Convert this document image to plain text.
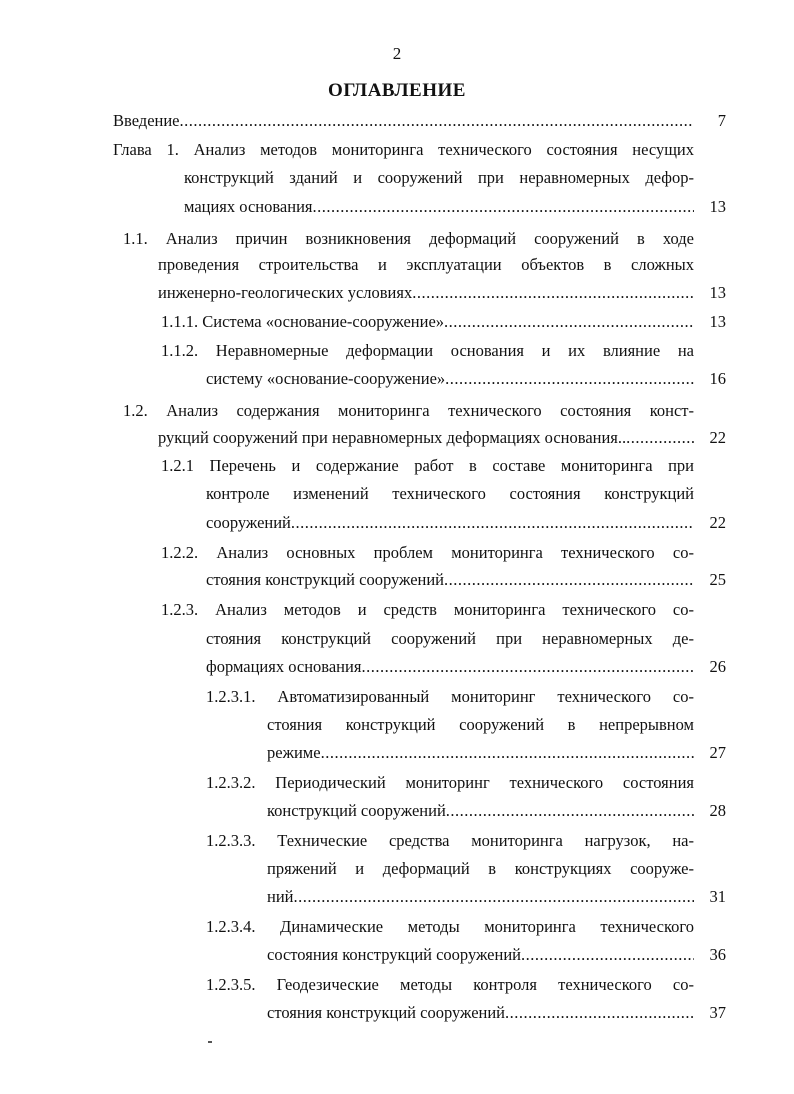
2
ОГЛАВЛЕНИЕ
Введение .....	7
Глава 1. Анализ методов мониторинга технического состояния несущих
конструкций зданий и сооружений при неравномерных дефор-
мациях основания .....	13
1.1. Анализ причин возникновения деформаций сооружений в ходе
проведения строительства и эксплуатации объектов в сложных
инженерно-геологических условиях .....	13
1.1.1. Система «основание-сооружение» .....	13
1.1.2. Неравномерные деформации основания и их влияние на
систему «основание-сооружение» .....	16
1.2. Анализ содержания мониторинга технического состояния конст-
рукций сооружений при неравномерных деформациях основания.. .....	22
1.2.1 Перечень и содержание работ в составе мониторинга при
контроле изменений технического состояния конструкций
сооружений .....	22
1.2.2. Анализ основных проблем мониторинга технического со-
стояния конструкций сооружений .....	25
1.2.3. Анализ методов и средств мониторинга технического со-
стояния конструкций сооружений при неравномерных де-
формациях основания .....	26
1.2.3.1. Автоматизированный мониторинг технического со-
стояния конструкций сооружений в непрерывном
режиме .....	27
1.2.3.2. Периодический мониторинг технического состояния
конструкций сооружений .....	28
1.2.3.3. Технические средства мониторинга нагрузок, на-
пряжений и деформаций в конструкциях сооруже-
ний .....	31
1.2.3.4. Динамические методы мониторинга технического
состояния конструкций сооружений .....	36
1.2.3.5. Геодезические методы контроля технического со-
стояния конструкций сооружений .....	37
